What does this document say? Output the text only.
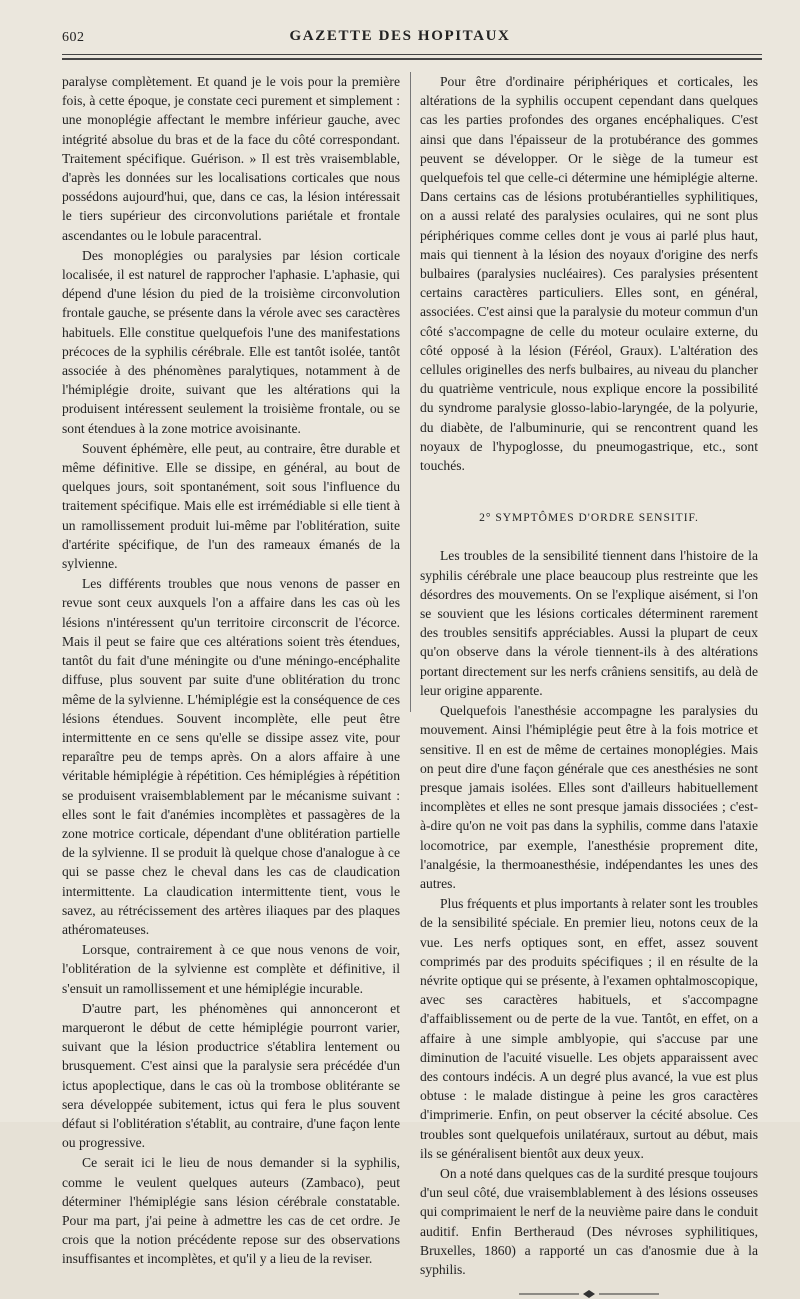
602	GAZETTE DES HOPITAUX

paralyse complètement. Et quand je le vois pour la première fois, à cette époque, je constate ceci purement et simplement : une monoplégie affectant le membre inférieur gauche, avec intégrité absolue du bras et de la face du côté correspondant. Traitement spécifique. Guérison. » Il est très vraisemblable, d'après les données sur les localisations corticales que nous possédons aujourd'hui, que, dans ce cas, la lésion intéressait le tiers supérieur des circonvolutions pariétale et frontale ascendantes ou le lobule paracentral.

Des monoplégies ou paralysies par lésion corticale localisée, il est naturel de rapprocher l'aphasie. L'aphasie, qui dépend d'une lésion du pied de la troisième circonvolution frontale gauche, se présente dans la vérole avec ses caractères habituels. Elle constitue quelquefois l'une des manifestations précoces de la syphilis cérébrale. Elle est tantôt isolée, tantôt associée à des phénomènes paralytiques, notamment à de l'hémiplégie droite, suivant que les altérations qui la produisent intéressent seulement la troisième frontale, ou se sont étendues à la zone motrice avoisinante.

Souvent éphémère, elle peut, au contraire, être durable et même définitive. Elle se dissipe, en général, au bout de quelques jours, soit spontanément, soit sous l'influence du traitement spécifique. Mais elle est irrémédiable si elle tient à un ramollissement produit lui-même par l'oblitération, suite d'artérite spécifique, de l'un des rameaux émanés de la sylvienne.

Les différents troubles que nous venons de passer en revue sont ceux auxquels l'on a affaire dans les cas où les lésions n'intéressent qu'un territoire circonscrit de l'écorce. Mais il peut se faire que ces altérations soient très étendues, tantôt du fait d'une méningite ou d'une méningo-encéphalite diffuse, plus souvent par suite d'une oblitération du tronc même de la sylvienne. L'hémiplégie est la conséquence de ces lésions étendues. Souvent incomplète, elle peut être intermittente en ce sens qu'elle se dissipe assez vite, pour reparaître peu de temps après. On a alors affaire à une véritable hémiplégie à répétition. Ces hémiplégies à répétition se produisent vraisemblablement par le mécanisme suivant : elles sont le fait d'anémies incomplètes et passagères de la zone motrice corticale, dépendant d'une oblitération partielle de la sylvienne. Il se produit là quelque chose d'analogue à ce qui se passe chez le cheval dans les cas de claudication intermittente. La claudication intermittente tient, vous le savez, au rétrécissement des artères iliaques par des plaques athéromateuses.

Lorsque, contrairement à ce que nous venons de voir, l'oblitération de la sylvienne est complète et définitive, il s'ensuit un ramollissement et une hémiplégie incurable.

D'autre part, les phénomènes qui annonceront et marqueront le début de cette hémiplégie pourront varier, suivant que la lésion productrice s'établira lentement ou brusquement. C'est ainsi que la paralysie sera précédée d'un ictus apoplectique, dans le cas où la trombose oblitérante se sera développée subitement, ictus qui fera le plus souvent défaut si l'oblitération s'établit, au contraire, d'une façon lente ou progressive.

Ce serait ici le lieu de nous demander si la syphilis, comme le veulent quelques auteurs (Zambaco), peut déterminer l'hémiplégie sans lésion cérébrale constatable. Pour ma part, j'ai peine à admettre les cas de cet ordre. Je crois que la notion précédente repose sur des observations insuffisantes et incomplètes, et qu'il y a lieu de la reviser.

Pour être d'ordinaire périphériques et corticales, les altérations de la syphilis occupent cependant dans quelques cas les parties profondes des organes encéphaliques. C'est ainsi que dans l'épaisseur de la protubérance des gommes peuvent se développer. Or le siège de la tumeur est quelquefois tel que celle-ci détermine une hémiplégie alterne. Dans certains cas de lésions protubérantielles syphilitiques, on a aussi relaté des paralysies oculaires, qui ne sont plus périphériques comme celles dont je vous ai parlé plus haut, mais qui tiennent à la lésion des noyaux d'origine des nerfs bulbaires (paralysies nucléaires). Ces paralysies présentent certains caractères particuliers. Elles sont, en général, associées. C'est ainsi que la paralysie du moteur commun d'un côté s'accompagne de celle du moteur oculaire externe, du côté opposé à la lésion (Féréol, Graux). L'altération des cellules originelles des nerfs bulbaires, au niveau du plancher du quatrième ventricule, nous explique encore la possibilité du syndrome paralysie glosso-labio-laryngée, de la polyurie, du diabète, de l'albuminurie, qui se rencontrent quand les noyaux de l'hypoglosse, du pneumogastrique, etc., sont touchés.

2° SYMPTÔMES D'ORDRE SENSITIF.

Les troubles de la sensibilité tiennent dans l'histoire de la syphilis cérébrale une place beaucoup plus restreinte que les désordres des mouvements. On se l'explique aisément, si l'on se souvient que les lésions corticales déterminent rarement des troubles sensitifs appréciables. Aussi la plupart de ceux qu'on observe dans la vérole tiennent-ils à des altérations portant directement sur les nerfs crâniens sensitifs, au delà de leur origine apparente.

Quelquefois l'anesthésie accompagne les paralysies du mouvement. Ainsi l'hémiplégie peut être à la fois motrice et sensitive. Il en est de même de certaines monoplégies. Mais on peut dire d'une façon générale que ces anesthésies ne sont presque jamais isolées. Elles sont d'ailleurs habituellement incomplètes et elles ne sont presque jamais dissociées ; c'est-à-dire qu'on ne voit pas dans la syphilis, comme dans l'ataxie locomotrice, par exemple, l'anesthésie proprement dite, l'analgésie, la thermoanesthésie, indépendantes les unes des autres.

Plus fréquents et plus importants à relater sont les troubles de la sensibilité spéciale. En premier lieu, notons ceux de la vue. Les nerfs optiques sont, en effet, assez souvent comprimés par des produits spécifiques ; il en résulte de la névrite optique qui se présente, à l'examen ophtalmoscopique, avec ses caractères habituels, et s'accompagne d'affaiblissement ou de perte de la vue. Tantôt, en effet, on a affaire à une simple amblyopie, qui s'accuse par une diminution de l'acuité visuelle. Les objets apparaissent avec des contours indécis. A un degré plus avancé, la vue est plus obtuse : le malade distingue à peine les gros caractères d'imprimerie. Enfin, on peut observer la cécité absolue. Ces troubles sont quelquefois unilatéraux, surtout au début, mais ils se généralisent bientôt aux deux yeux.

On a noté dans quelques cas de la surdité presque toujours d'un seul côté, due vraisemblablement à des lésions osseuses qui comprimaient le nerf de la neuvième paire dans le conduit auditif. Enfin Bertheraud (Des névroses syphilitiques, Bruxelles, 1860) a rapporté un cas d'anosmie due à la syphilis.
